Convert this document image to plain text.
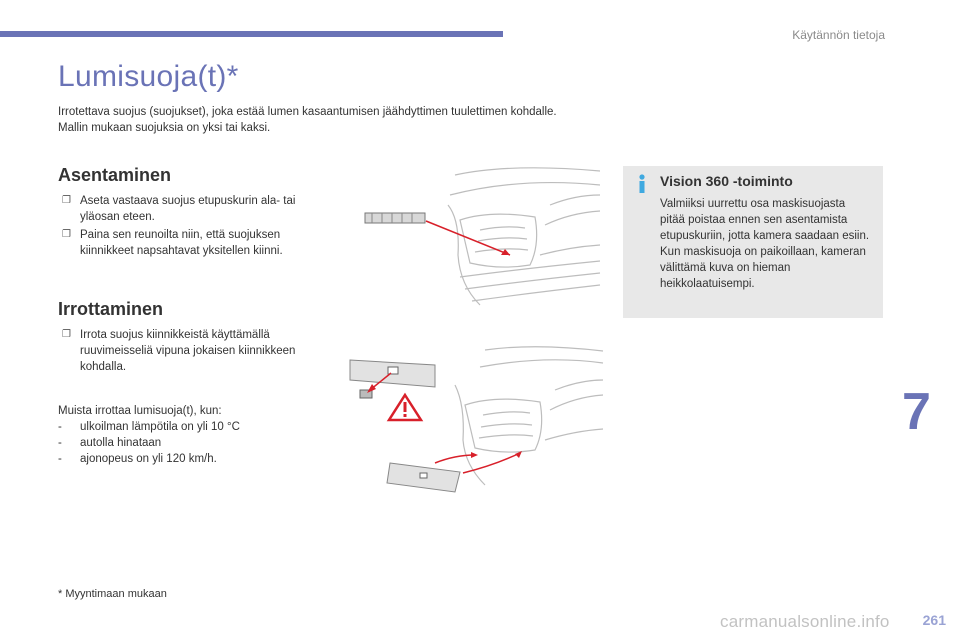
Käytännön tietoja
Lumisuoja(t)*

Irrotettava suojus (suojukset), joka estää lumen kasaantumisen jäähdyttimen tuulettimen kohdalle.

Mallin mukaan suojuksia on yksi tai kaksi.

Asentaminen
❐ Aseta vastaava suojus etupuskurin ala- tai yläosan eteen.
❐ Paina sen reunoilta niin, että suojuksen kiinnikkeet napsahtavat yksitellen kiinni.
Irrottaminen
❐ Irrota suojus kiinnikkeistä käyttämällä ruuvimeisseliä vipuna jokaisen kiinnikkeen kohdalla.
Muista irrottaa lumisuoja(t), kun:
- ulkoilman lämpötila on yli 10 °C
- autolla hinataan
- ajonopeus on yli 120 km/h.
* Myyntimaan mukaan
Vision 360 -toiminto

Valmiiksi uurrettu osa maskisuojasta pitää poistaa ennen sen asentamista etupuskuriin, jotta kamera saadaan esiin.

Kun maskisuoja on paikoillaan, kameran välittämä kuva on hieman heikkolaatuisempi.

7
carmanualsonline.info 261
